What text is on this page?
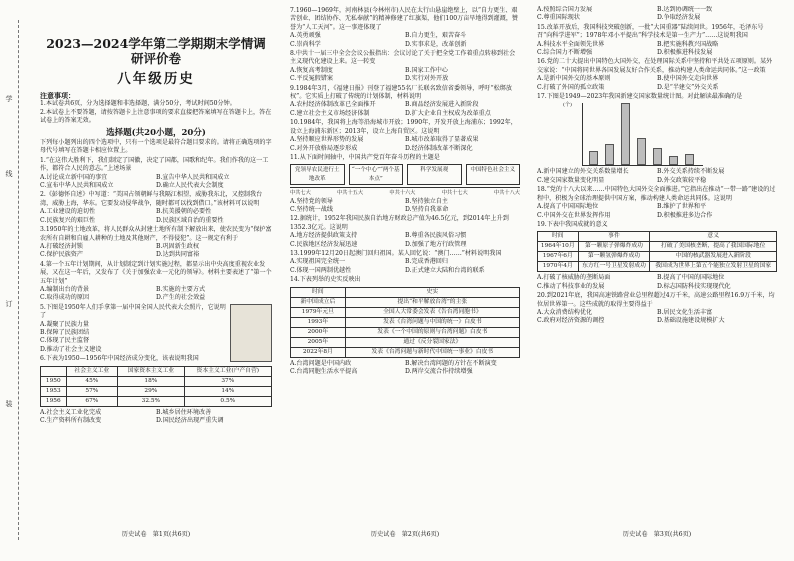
学
线
订
装
2023—2024学年第二学期期末学情调研评价卷
八年级历史

注意事项：

1.本试卷共6页，分为选择题和非选择题，满分50分，考试时间50分钟。

2.本试卷上不要答题，请按答题卡上注意事项的要求直接把答案填写在答题卡上，答在试卷上的答案无效。

选择题(共20小题，20分)

下列每小题列出的四个选项中，只有一个选项是最符合题目要求的。请将正确选项的字母代号填写在答题卡相应位置上。

1.“在这伟大胜利下，我们制定了国徽，决定了国都，国歌和纪年。我们作我的这一工作，都符合人民的意志。”上述场景

A.讨论成立新中国的事宜	B.宣告中华人民共和国成立
C.宣布中华人民共和国成立	D.确立人民代表大会制度

2.《彭德怀自述》中写道：“美国占领朝鲜与我隔江相望，威胁我东北，又控制我台湾，威胁上海，华东。它要发动侵华战争，随时都可以找到借口。”该材料可以说明

A.工业建设的迫切性	B.抗美援朝的必要性
C.民族复兴的艰巨性	D.民族区域自治的重要性

3.1950年的土地改革，将人民群众从封建土地所有制下解放出来，使农民变为“保护富农所有自耕和自雇人耕种的土地及其他财产，不得侵犯”。这一规定有利于

A.打破经济封锁	B.巩固新生政权
C.保护民族资产	D.达到共同富裕

4.第一个五年计划期间，从计划制定到计划实施过程，都显示出中央高度重视农业发展，又在这一年后，又发布了《关于加强农业一元化的领导》。材料主要表述了“第一个五年计划”

A.编制出台的背景	B.实施的主要方式
C.取得成功的原因	D.产生的社会效益

5.下图是1950年人们手拿第一届中国全国人民代表大会照片，它说明了

A.凝聚了民族力量

B.保障了民族团结

C.体现了民主监督

D.推动了社会主义建设

6.下表为1950—1956年中国经济成分变化，该表说明我国

	社会主义工业	国家资本主义工业	资本主义工业(户产自营)
1950	45%	18%	37%
1953	57%	29%	14%
1956	67%	32.5%	0.5%
A.社会主义工业化完成	B.城乡居住环境改善
C.生产资料所有制改变	D.国民经济出现严重失调
历史试卷　第1页(共6页)

7.1960—1969年，河南林县(今林州市)人民在太行山悬崖绝壁上，以“自力更生、艰苦创业、团结协作、无私奉献”的精神修建了红旗渠，他们100万亩旱地得到灌溉，赞誉为“人工天河”。这一事迹体现了

A.英勇顽强	B.自力更生，艰苦奋斗
C.崇尚科学	D.实事求是，改革创新

8.中共十一届三中全会会议公报指出：会议讨论了关于把全党工作着重点转移到社会主义现代化建设上来。这一转变

A.恢复高考制度	B.国家工作中心
C.平反冤假错案	D.实行对外开放

9.1984年3月，《福建日报》刊登了福建55名厂长联名致信省委领导，呼吁“松绑放权”。它实质上打破了传统的计划体制，材料说明

A.农村经济体制改革已全面推开	B.商品经济发展进入新阶段
C.建立社会主义市场经济体制	D.扩大企业自主权成为改革重点

10.1984年，我国将上海等沿海城市开放；1990年，开发开放上海浦东；1992年，设立上海浦东新区；2013年，设立上海自贸区。这说明

A.坚持顺应世界形势的发展	B.城市改革取得了显著成果
C.对外开放格局逐步形成	D.经济体制改革不断深化

11.从下面时间轴中，中国共产党百年奋斗历程的主题是

党领导农民进行土地改革
“一个中心”“两个基本点”
科学发展观	中国特色社会主义
中共七大	中共十五大	中共十六大	中共十七大	中共十八大
A.坚持党的领导	B.坚持独立自主
C.坚持统一战线	D.坚持自我革命

12.据统计，1952年我国民族自治地方财政总产值为46.5亿元，到2014年上升到1352.3亿元。这说明

A.地方经济提供政策支持	B.尊重各民族风俗习惯
C.民族地区经济发展迅速	D.加强了地方行政管理

13.1999年12月20日起澳门回归祖国。某人回忆说：“澳门……”材料说明我国

A.实现祖国完全统一	B.完成香港回归
C.体现一国两制优越性	D.正式建立大陆和台湾的联系

14.下表列举的史实反映出

时间	史实
新中国成立后	提出“和平解放台湾”的主张
1979年元旦	全国人大常委会发表《告台湾同胞书》
1993年	发表《台湾问题与中国的统一》白皮书
2000年	发表《一个中国的原则与台湾问题》白皮书
2005年	通过《反分裂国家法》
2022年8月	发表《台湾问题与新时代中国统一事业》白皮书
A.台湾问题是中国内政	B.解决台湾问题的方针在不断演变
C.台湾同胞生活水平提高	D.两岸交流合作持续增强
历史试卷　第2页(共6页)
A.按照综合国力发展	B.达到协调统一一致
C.尊重国际现状	D.争取经济发展

15.改革开放后，我国科技突破创新，一批“大国重器”陆续问世。1956年，毛泽东号召“向科学进军”；1978年邓小平提出“科学技术是第一生产力”……这说明我国

A.科技水平全面领先世界	B.把实施科教兴国战略
C.综合国力不断增强	D.积极推进科技发展

16.党的二十大提出中国特色大国外交，在处理国际关系中坚持和平共处五项原则。某外交家说：“中国将同世界各国发展友好合作关系，推动构建人类命运共同体。”这一政策

A.是新中国外交的基本原则	B.使中国外交走向世界
C.打破了外国的孤立政策	D.是“半建交”外交关系

17.下图是1949—2023年我国新建交国家数量统计图。对此解读最准确的是

(个)
A.新中国建立的外交关系数量增长	B.外交关系持续不断发展
C.建交国家数量变化明显	D.外交政策较平稳

18.“党的十八大以来……中国特色大国外交全面推进。”它指出在推动“一带一路”建设的过程中，积极为全球治理提供中国方案，推动构建人类命运共同体。这说明

A.提高了中国国际地位	B.维护了世界和平
C.中国外交在世界发挥作用	D.积极推进多边合作

19.下表中我国成就的意义

时间	事件	意义
1964年10月	第一颗原子弹爆炸成功	打破了美国核垄断，提高了我国国际地位
1967年6月	第一颗氢弹爆炸成功	中国的核武器发展进入新阶段
1970年4月	东方红一号卫星发射成功	我国成为世界上第五个能独立发射卫星的国家
A.打破了核威胁的垄断局面	B.提高了中国的国际地位
C.推动了科技事业的发展	D.标志国防科技实现现代化

20.到2021年底，我国高速铁路营业总里程超过4万千米，高速公路里程16.9万千米，均位居世界第一。这些成就的取得主要得益于

A.大众消费结构优化	B.居民文化生活丰富
C.政府对经济资源的调控	D.基础设施建设规模扩大
历史试卷　第3页(共6页)
